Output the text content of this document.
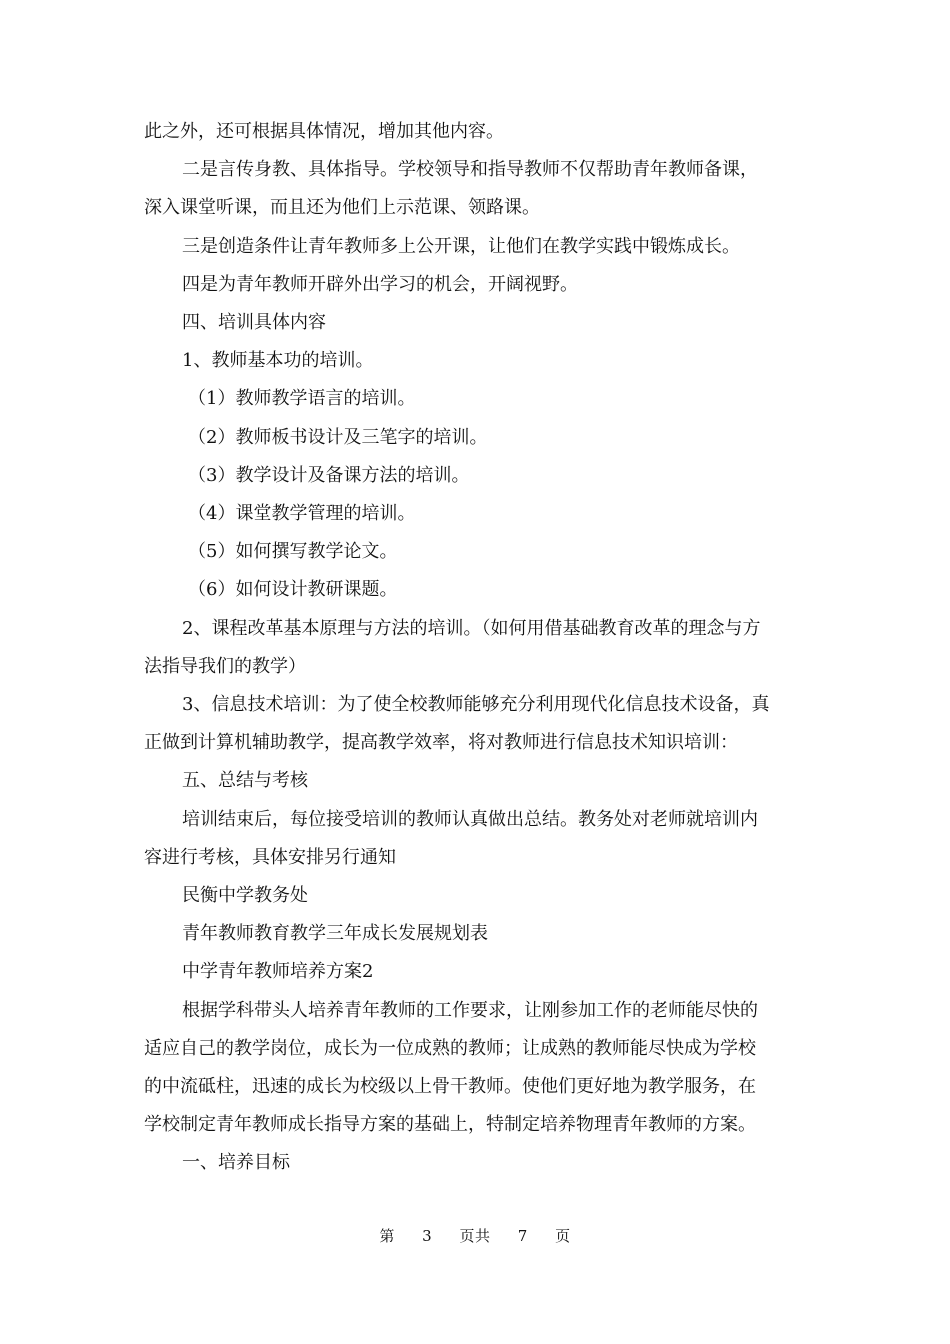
此之外，还可根据具体情况，增加其他内容。

二是言传身教、具体指导。学校领导和指导教师不仅帮助青年教师备课，

深入课堂听课，而且还为他们上示范课、领路课。

三是创造条件让青年教师多上公开课，让他们在教学实践中锻炼成长。

四是为青年教师开辟外出学习的机会，开阔视野。

四、培训具体内容

1、教师基本功的培训。

（1）教师教学语言的培训。

（2）教师板书设计及三笔字的培训。

（3）教学设计及备课方法的培训。

（4）课堂教学管理的培训。

（5）如何撰写教学论文。

（6）如何设计教研课题。

2、课程改革基本原理与方法的培训。（如何用借基础教育改革的理念与方

法指导我们的教学）

3、信息技术培训：为了使全校教师能够充分利用现代化信息技术设备，真

正做到计算机辅助教学，提高教学效率，将对教师进行信息技术知识培训：

五、总结与考核

培训结束后，每位接受培训的教师认真做出总结。教务处对老师就培训内

容进行考核，具体安排另行通知

民衡中学教务处

青年教师教育教学三年成长发展规划表

中学青年教师培养方案2

根据学科带头人培养青年教师的工作要求，让刚参加工作的老师能尽快的

适应自己的教学岗位，成长为一位成熟的教师；让成熟的教师能尽快成为学校

的中流砥柱，迅速的成长为校级以上骨干教师。使他们更好地为教学服务，在

学校制定青年教师成长指导方案的基础上，特制定培养物理青年教师的方案。

一、培养目标

第 3 页共 7 页
